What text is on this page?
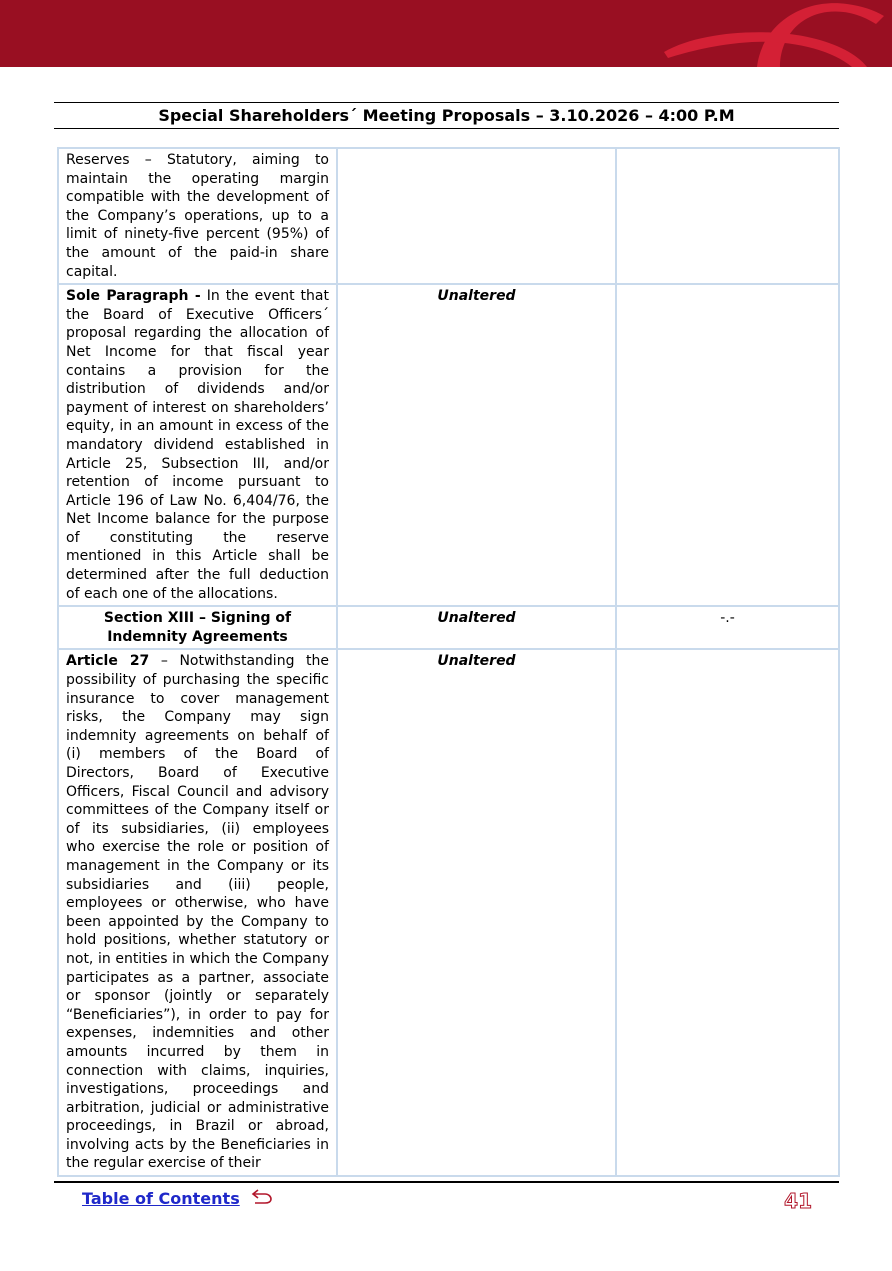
Special Shareholders´ Meeting Proposals – 3.10.2026 – 4:00 P.M
Reserves – Statutory, aiming to maintain the operating margin compatible with the development of the Company’s operations, up to a limit of ninety-five percent (95%) of the amount of the paid-in share capital.		
Sole Paragraph - In the event that the Board of Executive Officers´ proposal regarding the allocation of Net Income for that fiscal year contains a provision for the distribution of dividends and/or payment of interest on shareholders’ equity, in an amount in excess of the mandatory dividend established in Article 25, Subsection III, and/or retention of income pursuant to Article 196 of Law No. 6,404/76, the Net Income balance for the purpose of constituting the reserve mentioned in this Article shall be determined after the full deduction of each one of the allocations.	Unaltered	
Section XIII – Signing of Indemnity Agreements	Unaltered	-.-
Article 27 – Notwithstanding the possibility of purchasing the specific insurance to cover management risks, the Company may sign indemnity agreements on behalf of (i) members of the Board of Directors, Board of Executive Officers, Fiscal Council and advisory committees of the Company itself or of its subsidiaries, (ii) employees who exercise the role or position of management in the Company or its subsidiaries and (iii) people, employees or otherwise, who have been appointed by the Company to hold positions, whether statutory or not, in entities in which the Company participates as a partner, associate or sponsor (jointly or separately “Beneficiaries”), in order to pay for expenses, indemnities and other amounts incurred by them in connection with claims, inquiries, investigations, proceedings and arbitration, judicial or administrative proceedings, in Brazil or abroad, involving acts by the Beneficiaries in the regular exercise of their	Unaltered	
Table of Contents	41
